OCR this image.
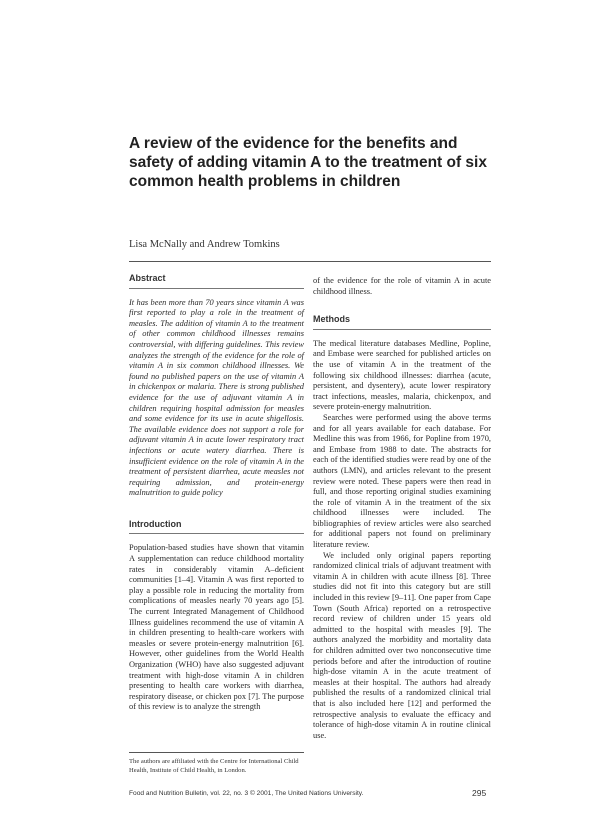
A review of the evidence for the benefits and safety of adding vitamin A to the treatment of six common health problems in children

Lisa McNally and Andrew Tomkins

Abstract

It has been more than 70 years since vitamin A was first reported to play a role in the treatment of measles. The addition of vitamin A to the treatment of other common childhood illnesses remains controversial, with differing guidelines. This review analyzes the strength of the evidence for the role of vitamin A in six common childhood illnesses. We found no published papers on the use of vitamin A in chickenpox or malaria. There is strong published evidence for the use of adjuvant vitamin A in children requiring hospital admission for measles and some evidence for its use in acute shigellosis. The available evidence does not support a role for adjuvant vitamin A in acute lower respiratory tract infections or acute watery diarrhea. There is insufficient evidence on the role of vitamin A in the treatment of persistent diarrhea, acute measles not requiring admission, and protein-energy malnutrition to guide policy

Introduction

Population-based studies have shown that vitamin A supplementation can reduce childhood mortality rates in considerably vitamin A–deficient communities [1–4]. Vitamin A was first reported to play a possible role in reducing the mortality from complications of measles nearly 70 years ago [5]. The current Integrated Management of Childhood Illness guidelines recommend the use of vitamin A in children presenting to health-care workers with measles or severe protein-energy malnutrition [6]. However, other guidelines from the World Health Organization (WHO) have also suggested adjuvant treatment with high-dose vitamin A in children presenting to health care workers with diarrhea, respiratory disease, or chicken pox [7]. The purpose of this review is to analyze the strength

of the evidence for the role of vitamin A in acute childhood illness.

Methods

The medical literature databases Medline, Popline, and Embase were searched for published articles on the use of vitamin A in the treatment of the following six childhood illnesses: diarrhea (acute, persistent, and dysentery), acute lower respiratory tract infections, measles, malaria, chickenpox, and severe protein-energy malnutrition.

Searches were performed using the above terms and for all years available for each database. For Medline this was from 1966, for Popline from 1970, and Embase from 1988 to date. The abstracts for each of the identified studies were read by one of the authors (LMN), and articles relevant to the present review were noted. These papers were then read in full, and those reporting original studies examining the role of vitamin A in the treatment of the six childhood illnesses were included. The bibliographies of review articles were also searched for additional papers not found on preliminary literature review.

We included only original papers reporting randomized clinical trials of adjuvant treatment with vitamin A in children with acute illness [8]. Three studies did not fit into this category but are still included in this review [9–11]. One paper from Cape Town (South Africa) reported on a retrospective record review of children under 15 years old admitted to the hospital with measles [9]. The authors analyzed the morbidity and mortality data for children admitted over two nonconsecutive time periods before and after the introduction of routine high-dose vitamin A in the acute treatment of measles at their hospital. The authors had already published the results of a randomized clinical trial that is also included here [12] and performed the retrospective analysis to evaluate the efficacy and tolerance of high-dose vitamin A in routine clinical use.

The authors are affiliated with the Centre for International Child Health, Institute of Child Health, in London.

Food and Nutrition Bulletin, vol. 22, no. 3 © 2001, The United Nations University.	295
